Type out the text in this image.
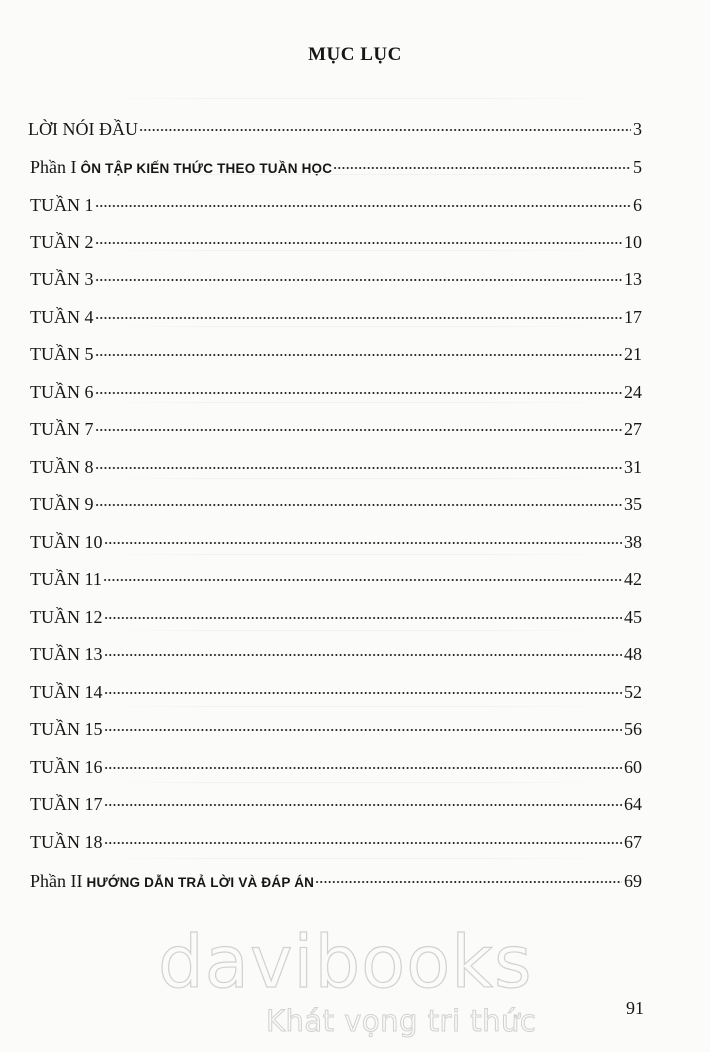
MỤC LỤC
LỜI NÓI ĐẦU	3
Phần I ÔN TẬP KIẾN THỨC THEO TUẦN HỌC	5
TUẦN 1	6
TUẦN 2	10
TUẦN 3	13
TUẦN 4	17
TUẦN 5	21
TUẦN 6	24
TUẦN 7	27
TUẦN 8	31
TUẦN 9	35
TUẦN 10	38
TUẦN 11	42
TUẦN 12	45
TUẦN 13	48
TUẦN 14	52
TUẦN 15	56
TUẦN 16	60
TUẦN 17	64
TUẦN 18	67
Phần II HƯỚNG DẪN TRẢ LỜI VÀ ĐÁP ÁN	69
davibooks
Khát vọng tri thức	91
